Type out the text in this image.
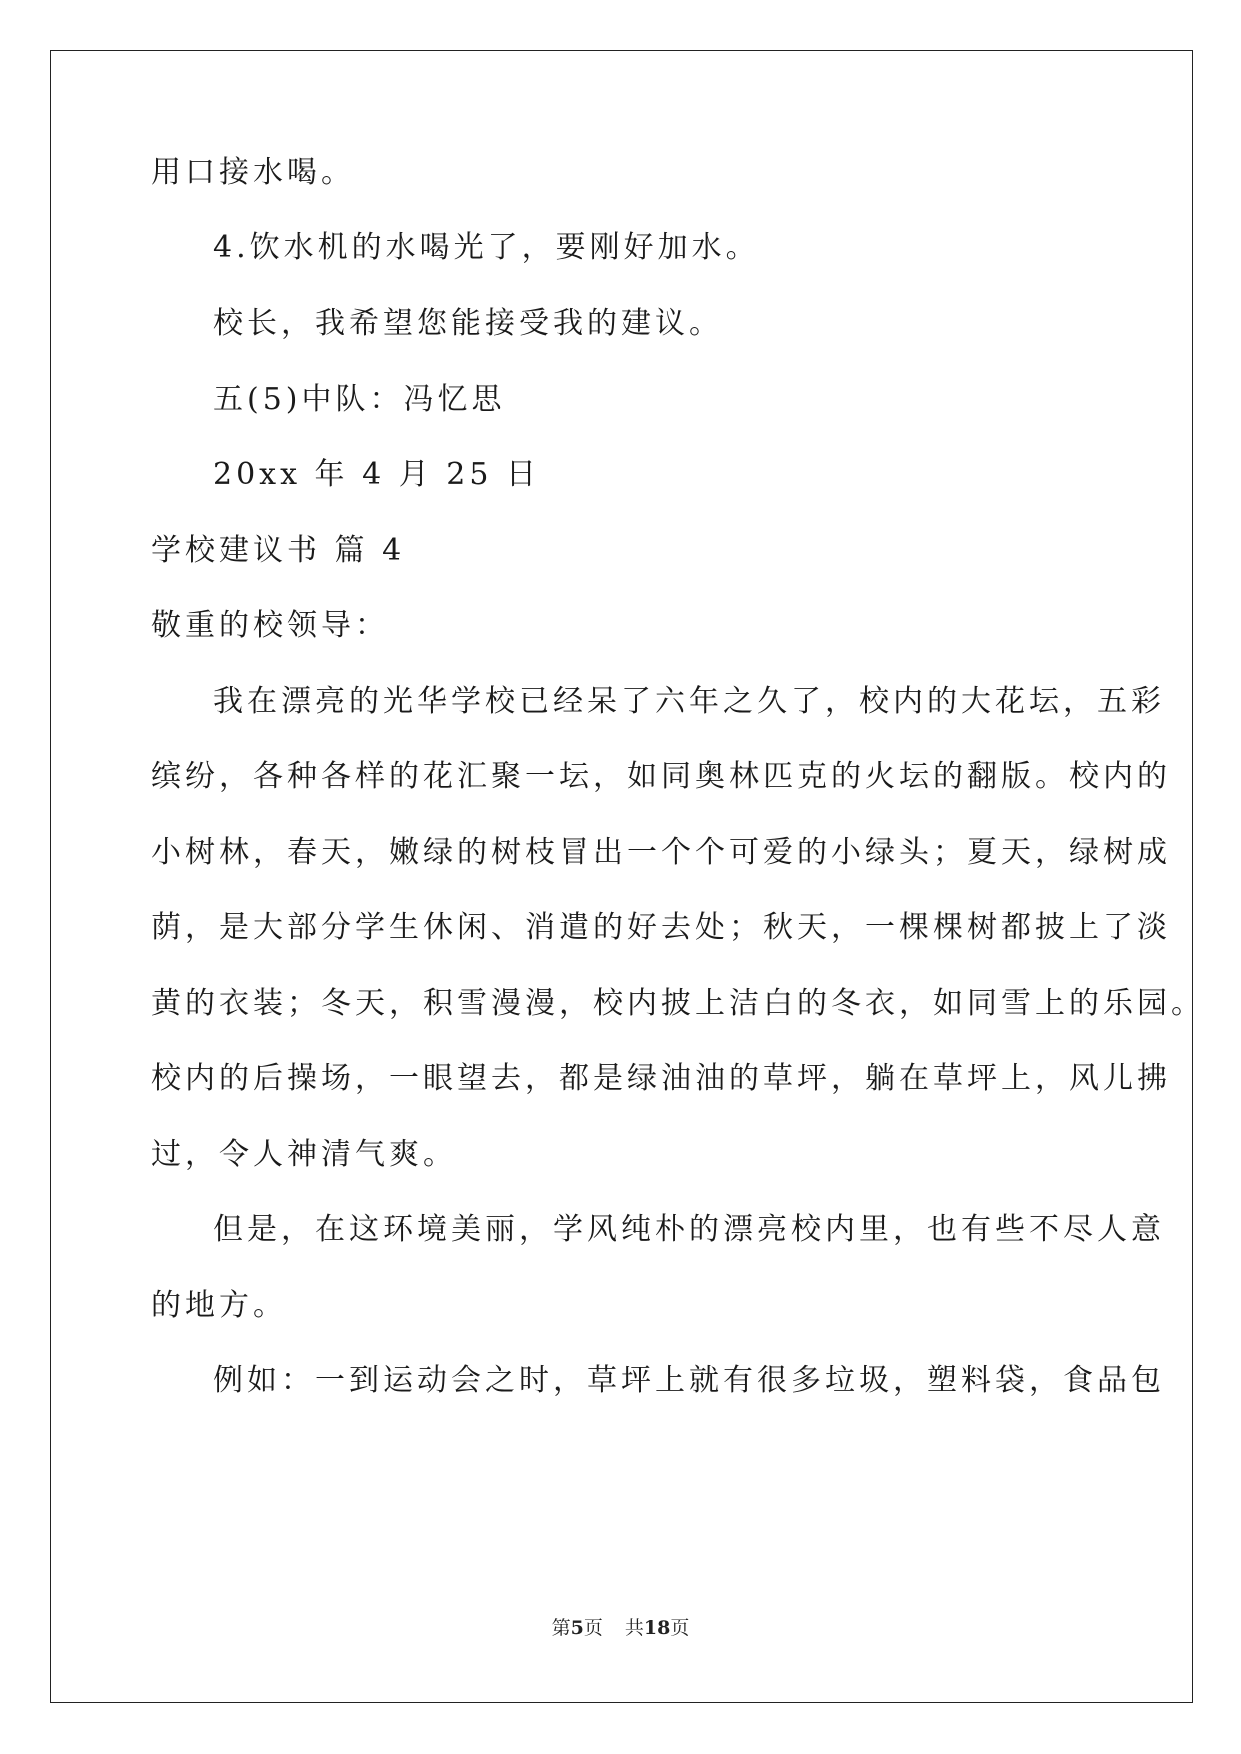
用口接水喝。
4.饮水机的水喝光了，要刚好加水。
校长，我希望您能接受我的建议。
五(5)中队：冯忆思
20xx 年 4 月 25 日
学校建议书 篇 4
敬重的校领导：
我在漂亮的光华学校已经呆了六年之久了，校内的大花坛，五彩
缤纷，各种各样的花汇聚一坛，如同奥林匹克的火坛的翻版。校内的
小树林，春天，嫩绿的树枝冒出一个个可爱的小绿头；夏天，绿树成
荫，是大部分学生休闲、消遣的好去处；秋天，一棵棵树都披上了淡
黄的衣装；冬天，积雪漫漫，校内披上洁白的冬衣，如同雪上的乐园。
校内的后操场，一眼望去，都是绿油油的草坪，躺在草坪上，风儿拂
过，令人神清气爽。
但是，在这环境美丽，学风纯朴的漂亮校内里，也有些不尽人意
的地方。
例如：一到运动会之时，草坪上就有很多垃圾，塑料袋，食品包
第5页 共18页
